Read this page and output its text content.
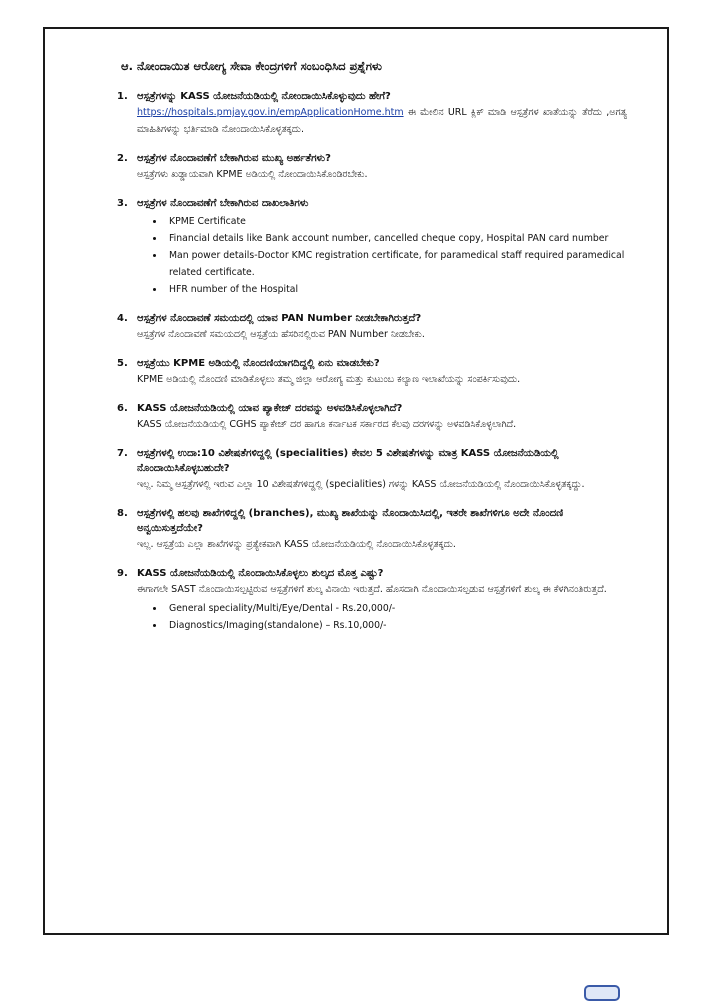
ಆ. ನೋಂದಾಯಿತ ಆರೋಗ್ಯ ಸೇವಾ ಕೇಂದ್ರಗಳಿಗೆ ಸಂಬಂಧಿಸಿದ ಪ್ರಶ್ನೆಗಳು
1. ಆಸ್ಪತ್ರೆಗಳನ್ನು KASS ಯೋಜನೆಯಡಿಯಲ್ಲಿ ನೋಂದಾಯಿಸಿಕೊಳ್ಳುವುದು ಹೇಗೆ?
https://hospitals.pmjay.gov.in/empApplicationHome.htm ಈ ಮೇಲಿನ URL ಕ್ಲಿಕ್ ಮಾಡಿ ಆಸ್ಪತ್ರೆಗಳ ಖಾತೆಯನ್ನು ತೆರೆದು ,ಅಗತ್ಯ ಮಾಹಿತಿಗಳನ್ನು ಭರ್ತಿಮಾಡಿ ನೋಂದಾಯಿಸಿಕೊಳ್ಳತಕ್ಕದು.
2. ಆಸ್ಪತ್ರೆಗಳ ನೊಂದಾವಣೆಗೆ ಬೇಕಾಗಿರುವ ಮುಖ್ಯ ಅರ್ಹತೆಗಳು?
ಆಸ್ಪತ್ರೆಗಳು ಖಡ್ಡಾಯವಾಗಿ KPME ಅಡಿಯಲ್ಲಿ ನೋಂದಾಯಿಸಿಕೊಂಡಿರಬೇಕು.
3. ಆಸ್ಪತ್ರೆಗಳ ನೊಂದಾವಣೆಗೆ ಬೇಕಾಗಿರುವ ದಾಖಲಾತಿಗಳು
• KPME Certificate
• Financial details like Bank account number, cancelled cheque copy, Hospital PAN card number
• Man power details-Doctor KMC registration certificate, for paramedical staff required paramedical related certificate.
• HFR number of the Hospital
4. ಆಸ್ಪತ್ರೆಗಳ ನೊಂದಾವಣೆ ಸಮಯದಲ್ಲಿ ಯಾವ PAN Number ನೀಡಬೇಕಾಗಿರುತ್ತದೆ?
ಆಸ್ಪತ್ರೆಗಳ ನೊಂದಾವಣೆ ಸಮಯದಲ್ಲಿ ಆಸ್ಪತ್ರೆಯ ಹೆಸರಿನಲ್ಲಿರುವ PAN Number ನೀಡಬೇಕು.
5. ಆಸ್ಪತ್ರೆಯು KPME ಅಡಿಯಲ್ಲಿ ನೊಂದಣಿಯಾಗದಿದ್ದಲ್ಲಿ ಏನು ಮಾಡಬೇಕು?
KPME ಅಡಿಯಲ್ಲಿ ನೊಂದಣಿ ಮಾಡಿಕೊಳ್ಳಲು ತಮ್ಮ ಜಿಲ್ಲಾ ಆರೋಗ್ಯ ಮತ್ತು ಕುಟುಂಬ ಕಲ್ಯಾಣ ಇಲಾಖೆಯನ್ನು ಸಂಪರ್ಕಿಸುವುದು.
6. KASS ಯೋಜನೆಯಡಿಯಲ್ಲಿ ಯಾವ ಪ್ಯಾಕೇಜ್ ದರವನ್ನು ಅಳವಡಿಸಿಕೊಳ್ಳಲಾಗಿದೆ?
KASS ಯೋಜನೆಯಡಿಯಲ್ಲಿ CGHS ಪ್ಯಾಕೇಜ್ ದರ ಹಾಗೂ ಕರ್ನಾಟಕ ಸರ್ಕಾರದ ಕೆಲವು ದರಗಳನ್ನು ಅಳವಡಿಸಿಕೊಳ್ಳಲಾಗಿದೆ.
7. ಆಸ್ಪತ್ರೆಗಳಲ್ಲಿ ಉದಾ:10 ವಿಶೇಷತೆಗಳಿದ್ದಲ್ಲಿ (specialities) ಕೇವಲ 5 ವಿಶೇಷತೆಗಳನ್ನು ಮಾತ್ರ KASS ಯೋಜನೆಯಡಿಯಲ್ಲಿ ನೊಂದಾಯಿಸಿಕೊಳ್ಳಬಹುದೇ?
ಇಲ್ಲ. ನಿಮ್ಮ ಆಸ್ಪತ್ರೆಗಳಲ್ಲಿ ಇರುವ ಎಲ್ಲಾ 10 ವಿಶೇಷತೆಗಳಿದ್ದಲ್ಲಿ (specialities) ಗಳನ್ನು KASS ಯೋಜನೆಯಡಿಯಲ್ಲಿ ನೊಂದಾಯಿಸಿಕೊಳ್ಳತಕ್ಕದ್ದು.
8. ಆಸ್ಪತ್ರೆಗಳಲ್ಲಿ ಹಲವು ಶಾಖೆಗಳಿದ್ದಲ್ಲಿ (branches), ಮುಖ್ಯ ಶಾಖೆಯನ್ನು ನೊಂದಾಯಿಸಿದಲ್ಲಿ, ಇತರೇ ಶಾಖೆಗಳಿಗೂ ಅದೇ ನೊಂದಣಿ ಅನ್ವಯಿಸುತ್ತದೆಯೇ?
ಇಲ್ಲ. ಆಸ್ಪತ್ರೆಯ ಎಲ್ಲಾ ಶಾಖೆಗಳನ್ನು ಪ್ರತ್ಯೇಕವಾಗಿ KASS ಯೋಜನೆಯಡಿಯಲ್ಲಿ ನೊಂದಾಯಿಸಿಕೊಳ್ಳತಕ್ಕದು.
9. KASS ಯೋಜನೆಯಡಿಯಲ್ಲಿ ನೊಂದಾಯಿಸಿಕೊಳ್ಳಲು ಶುಲ್ಕದ ಮೊತ್ತ ಎಷ್ಟು?
ಈಗಾಗಲೇ SAST ನೊಂದಾಯಿಸಲ್ಪಟ್ಟಿರುವ ಆಸ್ಪತ್ರೆಗಳಿಗೆ ಶುಲ್ಕ ವಿನಾಯಿ ಇರುತ್ತದೆ. ಹೊಸದಾಗಿ ನೊಂದಾಯಿಸಲ್ಪಡುವ ಆಸ್ಪತ್ರೆಗಳಿಗೆ ಶುಲ್ಕ ಈ ಕೆಳಗಿನಂತಿರುತ್ತದೆ.
• General speciality/Multi/Eye/Dental - Rs.20,000/-
• Diagnostics/Imaging(standalone) – Rs.10,000/-
